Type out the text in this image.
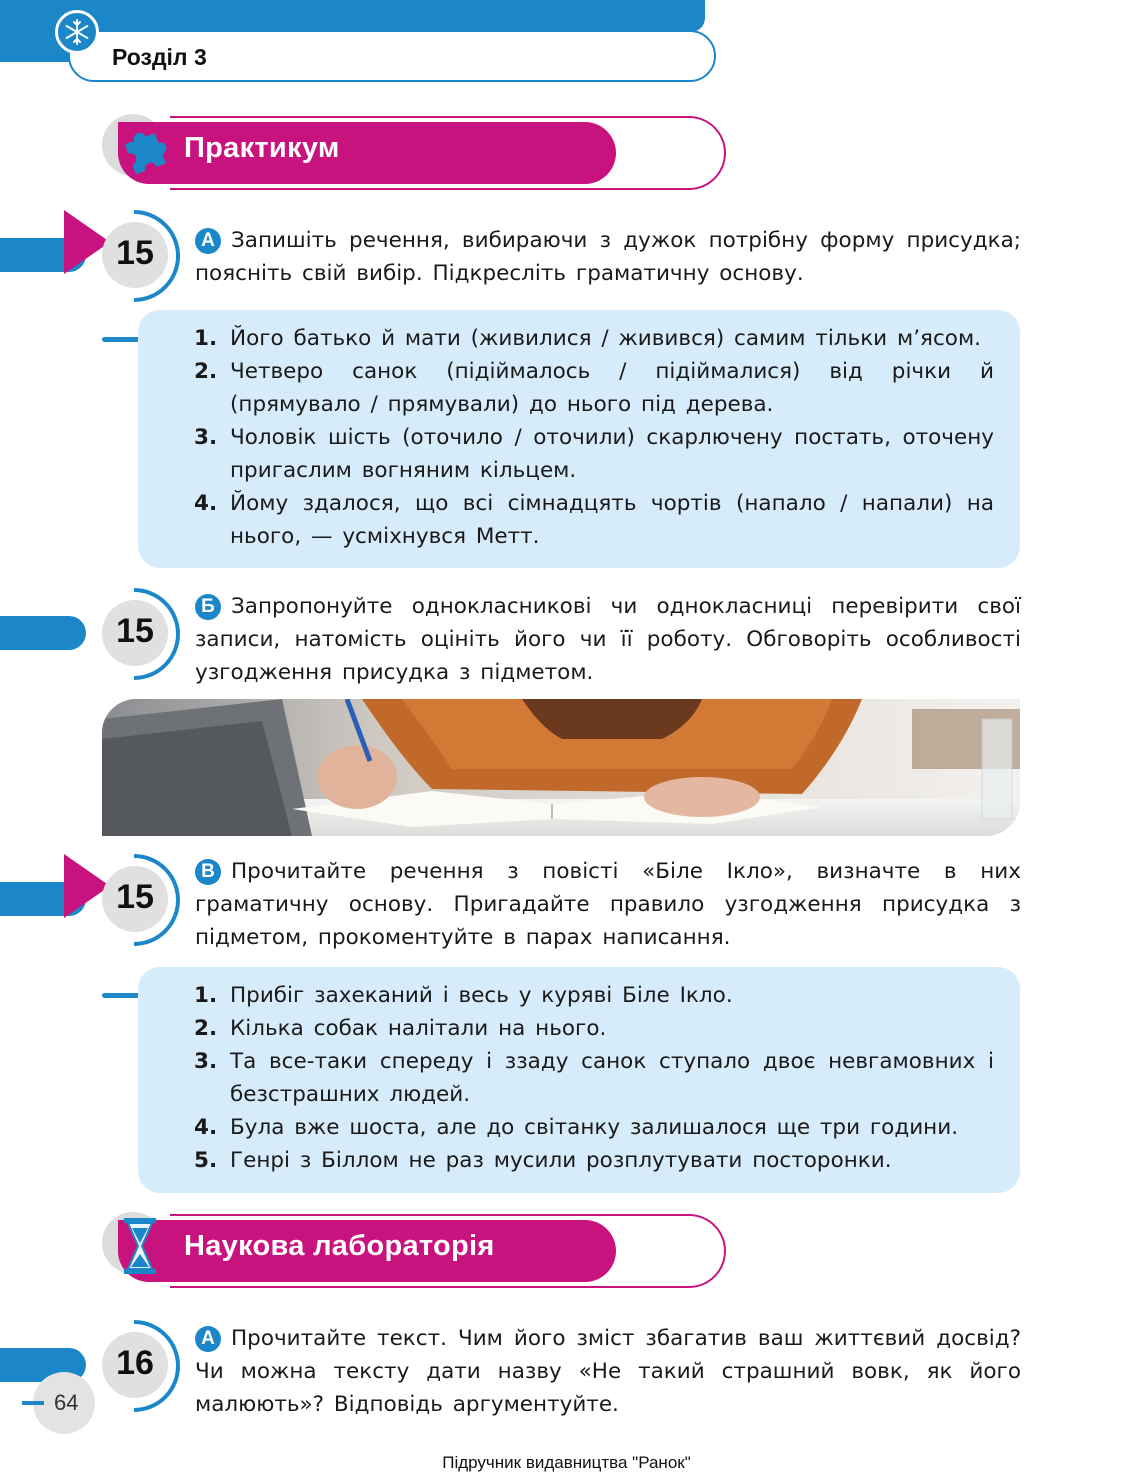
Розділ 3
Практикум
15	А Запишіть речення, вибираючи з дужок потрібну форму присудка; поясніть свій вибір. Підкресліть граматичну основу.
1. Його батько й мати (живилися / живився) самим тільки м’ясом.
2. Четверо санок (підіймалось / підіймалися) від річки й (прямувало / прямували) до нього під дерева.
3. Чоловік шість (оточило / оточили) скарлючену постать, оточену пригаслим вогняним кільцем.
4. Йому здалося, що всі сімнадцять чортів (напало / напали) на нього, — усміхнувся Метт.
15
Б Запропонуйте однокласникові чи однокласниці перевірити свої записи, натомість оцініть його чи її роботу. Обговоріть особливості узгодження присудка з підметом.
15
В Прочитайте речення з повісті «Біле Ікло», визначте в них граматичну основу. Пригадайте правило узгодження присудка з підметом, прокоментуйте в парах написання.
1. Прибіг захеканий і весь у куряві Біле Ікло.
2. Кілька собак налітали на нього.
3. Та все-таки спереду і ззаду санок ступало двоє невгамовних і безстрашних людей.
4. Була вже шоста, але до світанку залишалося ще три години.
5. Генрі з Біллом не раз мусили розплутувати посторонки.
Наукова лабораторія
16
А Прочитайте текст. Чим його зміст збагатив ваш життєвий досвід? Чи можна тексту дати назву «Не такий страшний вовк, як його малюють»? Відповідь аргументуйте.
64
Підручник видавництва "Ранок"
